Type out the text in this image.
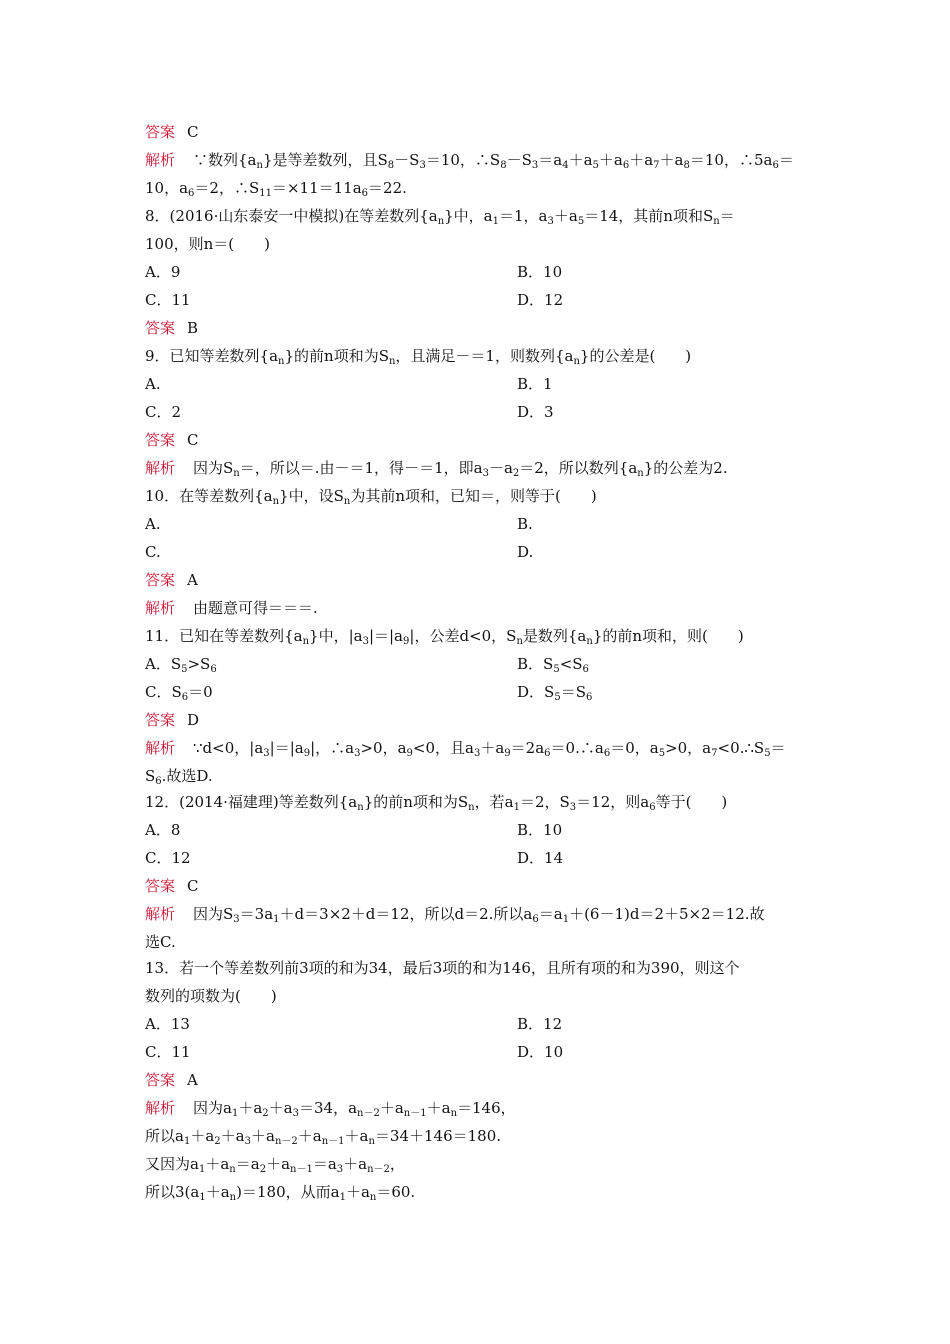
答案 C
解析 ∵数列$\{a_n\}$是等差数列，且$S_8-S_3=10$，$\therefore S_8-S_3=a_4+a_5+a_6+a_7+a_8=10$，$\therefore 5a_6=$
10，$a_6=2$，$\therefore S_{11}=\times 11=11a_6=22$.
8．(2016·山东泰安一中模拟)在等差数列$\{a_n\}$中，$a_1=1$，$a_3+a_5=14$，其前n项和$S_n=$
100，则n＝(　　)
A．9	B．10
C．11	D．12
答案 B
9．已知等差数列$\{a_n\}$的前n项和为$S_n$，且满足－＝1，则数列$\{a_n\}$的公差是(　　)
A.	B．1
C．2	D．3
答案 C
解析 因为$S_n=$，所以＝.由－＝1，得－＝1，即$a_3-a_2=2$，所以数列$\{a_n\}$的公差为2.
10．在等差数列$\{a_n\}$中，设$S_n$为其前n项和，已知＝，则等于(　　)
A.	B.
C.	D.
答案 A
解析 由题意可得＝＝＝.
11．已知在等差数列$\{a_n\}$中，$|a_3|=|a_9|$，公差d<0，$S_n$是数列$\{a_n\}$的前n项和，则(　　)
A．$S_5>S_6$	B．$S_5<S_6$
C．$S_6=0$	D．$S_5=S_6$
答案 D
解析 ∵d<0，$|a_3|=|a_9|$，$\therefore a_3>0$，$a_9<0$，且$a_3+a_9=2a_6=0.\therefore a_6=0$，$a_5>0$，$a_7<0.\therefore S_5=$
$S_6$.故选D.
12．(2014·福建理)等差数列$\{a_n\}$的前n项和为$S_n$，若$a_1=2$，$S_3=12$，则$a_6$等于(　　)
A．8	B．10
C．12	D．14
答案 C
解析 因为$S_3=3a_1+d=3\times 2+d=12$，所以d＝2.所以$a_6=a_1+(6-1)d=2+5\times 2=12$.故
选C.
13．若一个等差数列前3项的和为34，最后3项的和为146，且所有项的和为390，则这个
数列的项数为(　　)
A．13	B．12
C．11	D．10
答案 A
解析 因为$a_1+a_2+a_3=34$，$a_{n-2}+a_{n-1}+a_n=146$，
所以$a_1+a_2+a_3+a_{n-2}+a_{n-1}+a_n=34+146=180$.
又因为$a_1+a_n=a_2+a_{n-1}=a_3+a_{n-2}$，
所以$3(a_1+a_n)=180$，从而$a_1+a_n=60$.
